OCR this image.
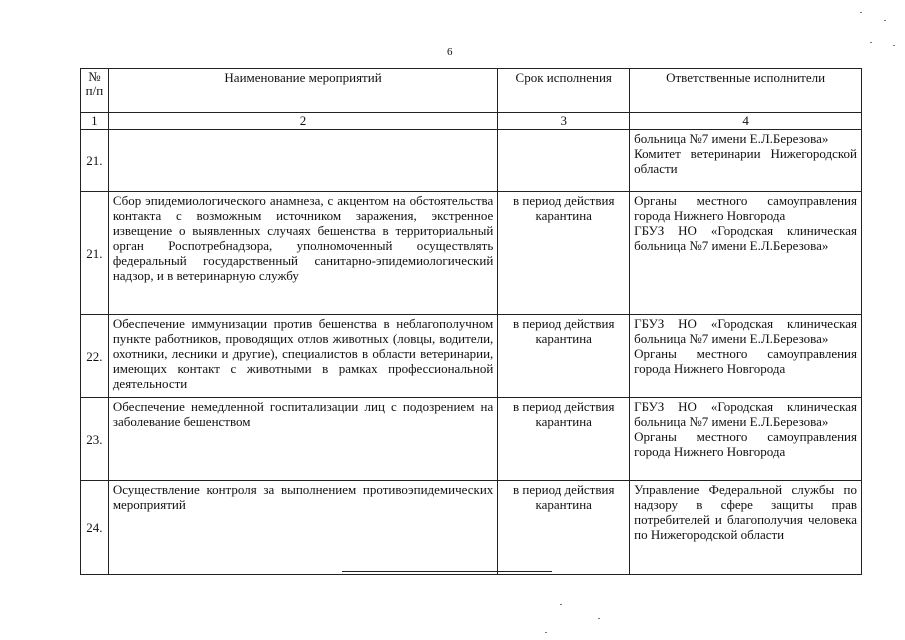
6
№ п/п	Наименование мероприятий	Срок исполнения	Ответственные исполнители
1	2	3	4
21.			больница №7 имени Е.Л.Березова»
Комитет ветеринарии Нижегородской области

21.	Сбор эпидемиологического анамнеза, с акцентом на обстоятельства контакта с возможным источником заражения, экстренное извещение о выявленных случаях бешенства в территориальный орган Роспотребнадзора, уполномоченный осуществлять федеральный государственный санитарно-эпидемиологический надзор, и в ветеринарную службу	в период действия карантина	Органы местного самоуправления города Нижнего Новгорода
ГБУЗ НО «Городская клиническая больница №7 имени Е.Л.Березова»

22.	Обеспечение иммунизации против бешенства в неблагополучном пункте работников, проводящих отлов животных (ловцы, водители, охотники, лесники и другие), специалистов в области ветеринарии, имеющих контакт с животными в рамках профессиональной деятельности	в период действия карантина	ГБУЗ НО «Городская клиническая больница №7 имени Е.Л.Березова»
Органы местного самоуправления города Нижнего Новгорода

23.	Обеспечение немедленной госпитализации лиц с подозрением на заболевание бешенством	в период действия карантина	ГБУЗ НО «Городская клиническая больница №7 имени Е.Л.Березова»
Органы местного самоуправления города Нижнего Новгорода

24.	Осуществление контроля за выполнением противоэпидемических мероприятий	в период действия карантина	Управление Федеральной службы по надзору в сфере защиты прав потребителей и благополучия человека по Нижегородской области
